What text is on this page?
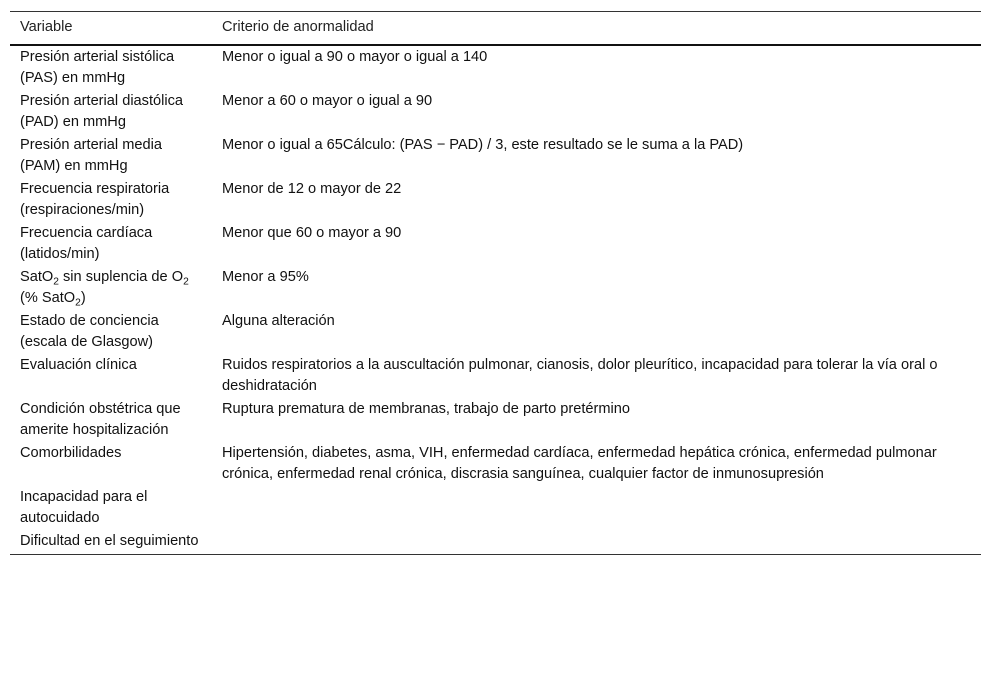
Variable	Criterio de anormalidad
Presión arterial sistólica (PAS) en mmHg	Menor o igual a 90 o mayor o igual a 140
Presión arterial diastólica (PAD) en mmHg	Menor a 60 o mayor o igual a 90
Presión arterial media (PAM) en mmHg	Menor o igual a 65Cálculo: (PAS − PAD) / 3, este resultado se le suma a la PAD)
Frecuencia respiratoria (respiraciones/min)	Menor de 12 o mayor de 22
Frecuencia cardíaca (latidos/min)	Menor que 60 o mayor a 90
SatO$_2$ sin suplencia de $O_2$ (% SatO$_2$)	Menor a 95%
Estado de conciencia (escala de Glasgow)	Alguna alteración
Evaluación clínica	Ruidos respiratorios a la auscultación pulmonar, cianosis, dolor pleurítico, incapacidad para tolerar la vía oral o deshidratación
Condición obstétrica que amerite hospitalización	Ruptura prematura de membranas, trabajo de parto pretérmino
Comorbilidades	Hipertensión, diabetes, asma, VIH, enfermedad cardíaca, enfermedad hepática crónica, enfermedad pulmonar crónica, enfermedad renal crónica, discrasia sanguínea, cualquier factor de inmunosupresión
Incapacidad para el autocuidado	
Dificultad en el seguimiento	
